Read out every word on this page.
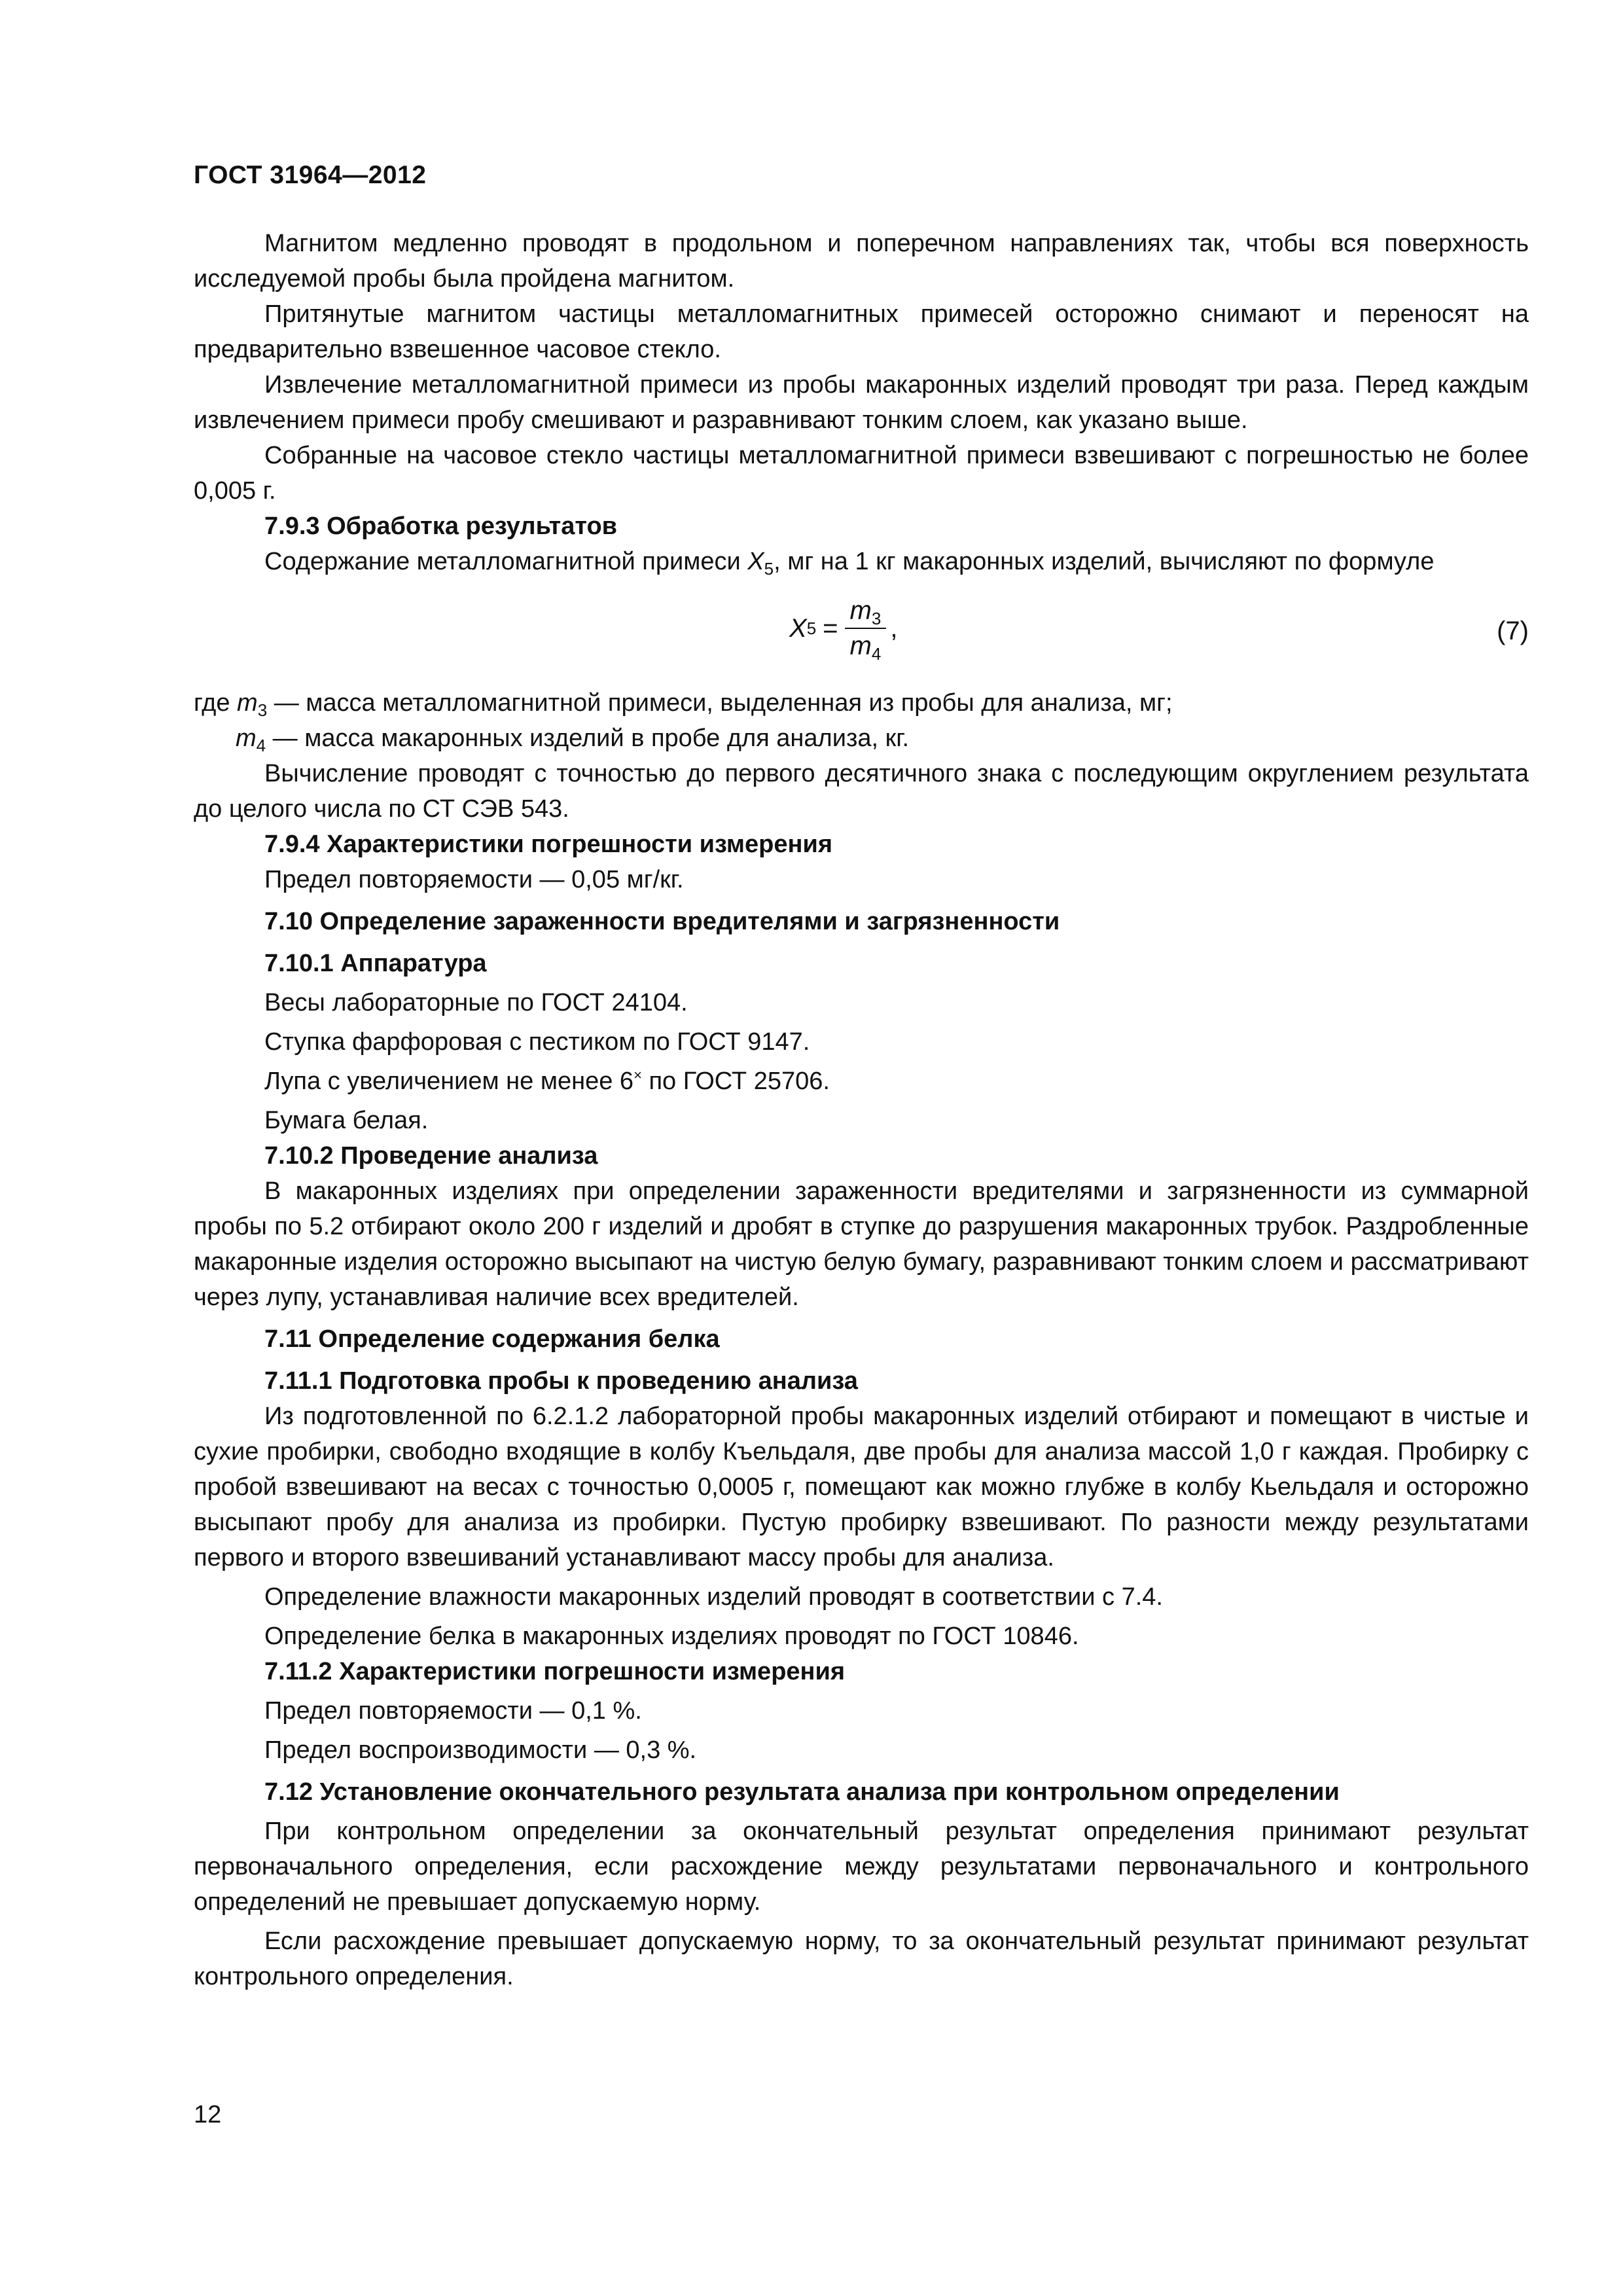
ГОСТ 31964—2012

Магнитом медленно проводят в продольном и поперечном направлениях так, чтобы вся поверхность исследуемой пробы была пройдена магнитом.

Притянутые магнитом частицы металломагнитных примесей осторожно снимают и переносят на предварительно взвешенное часовое стекло.

Извлечение металломагнитной примеси из пробы макаронных изделий проводят три раза. Перед каждым извлечением примеси пробу смешивают и разравнивают тонким слоем, как указано выше.

Собранные на часовое стекло частицы металломагнитной примеси взвешивают с погрешностью не более 0,005 г.

7.9.3 Обработка результатов

Содержание металломагнитной примеси $X_5$, мг на 1 кг макаронных изделий, вычисляют по формуле

X $5 = \frac{m_3}{m_4}$ ,	(7)

где $m_3$ — масса металломагнитной примеси, выделенная из пробы для анализа, мг;

$m_4$ — масса макаронных изделий в пробе для анализа, кг.

Вычисление проводят с точностью до первого десятичного знака с последующим округлением результата до целого числа по СТ СЭВ 543.

7.9.4 Характеристики погрешности измерения

Предел повторяемости — 0,05 мг/кг.

7.10 Определение зараженности вредителями и загрязненности

7.10.1 Аппаратура

Весы лабораторные по ГОСТ 24104.

Ступка фарфоровая с пестиком по ГОСТ 9147.

Лупа с увеличением не менее 6× по ГОСТ 25706.

Бумага белая.

7.10.2 Проведение анализа

В макаронных изделиях при определении зараженности вредителями и загрязненности из суммарной пробы по 5.2 отбирают около 200 г изделий и дробят в ступке до разрушения макаронных трубок. Раздробленные макаронные изделия осторожно высыпают на чистую белую бумагу, разравнивают тонким слоем и рассматривают через лупу, устанавливая наличие всех вредителей.

7.11 Определение содержания белка

7.11.1 Подготовка пробы к проведению анализа

Из подготовленной по 6.2.1.2 лабораторной пробы макаронных изделий отбирают и помещают в чистые и сухие пробирки, свободно входящие в колбу Къельдаля, две пробы для анализа массой 1,0 г каждая. Пробирку с пробой взвешивают на весах с точностью 0,0005 г, помещают как можно глубже в колбу Кьельдаля и осторожно высыпают пробу для анализа из пробирки. Пустую пробирку взвешивают. По разности между результатами первого и второго взвешиваний устанавливают массу пробы для анализа.

Определение влажности макаронных изделий проводят в соответствии с 7.4.

Определение белка в макаронных изделиях проводят по ГОСТ 10846.

7.11.2 Характеристики погрешности измерения

Предел повторяемости — 0,1 %.

Предел воспроизводимости — 0,3 %.

7.12 Установление окончательного результата анализа при контрольном определении

При контрольном определении за окончательный результат определения принимают результат первоначального определения, если расхождение между результатами первоначального и контрольного определений не превышает допускаемую норму.

Если расхождение превышает допускаемую норму, то за окончательный результат принимают результат контрольного определения.

12
